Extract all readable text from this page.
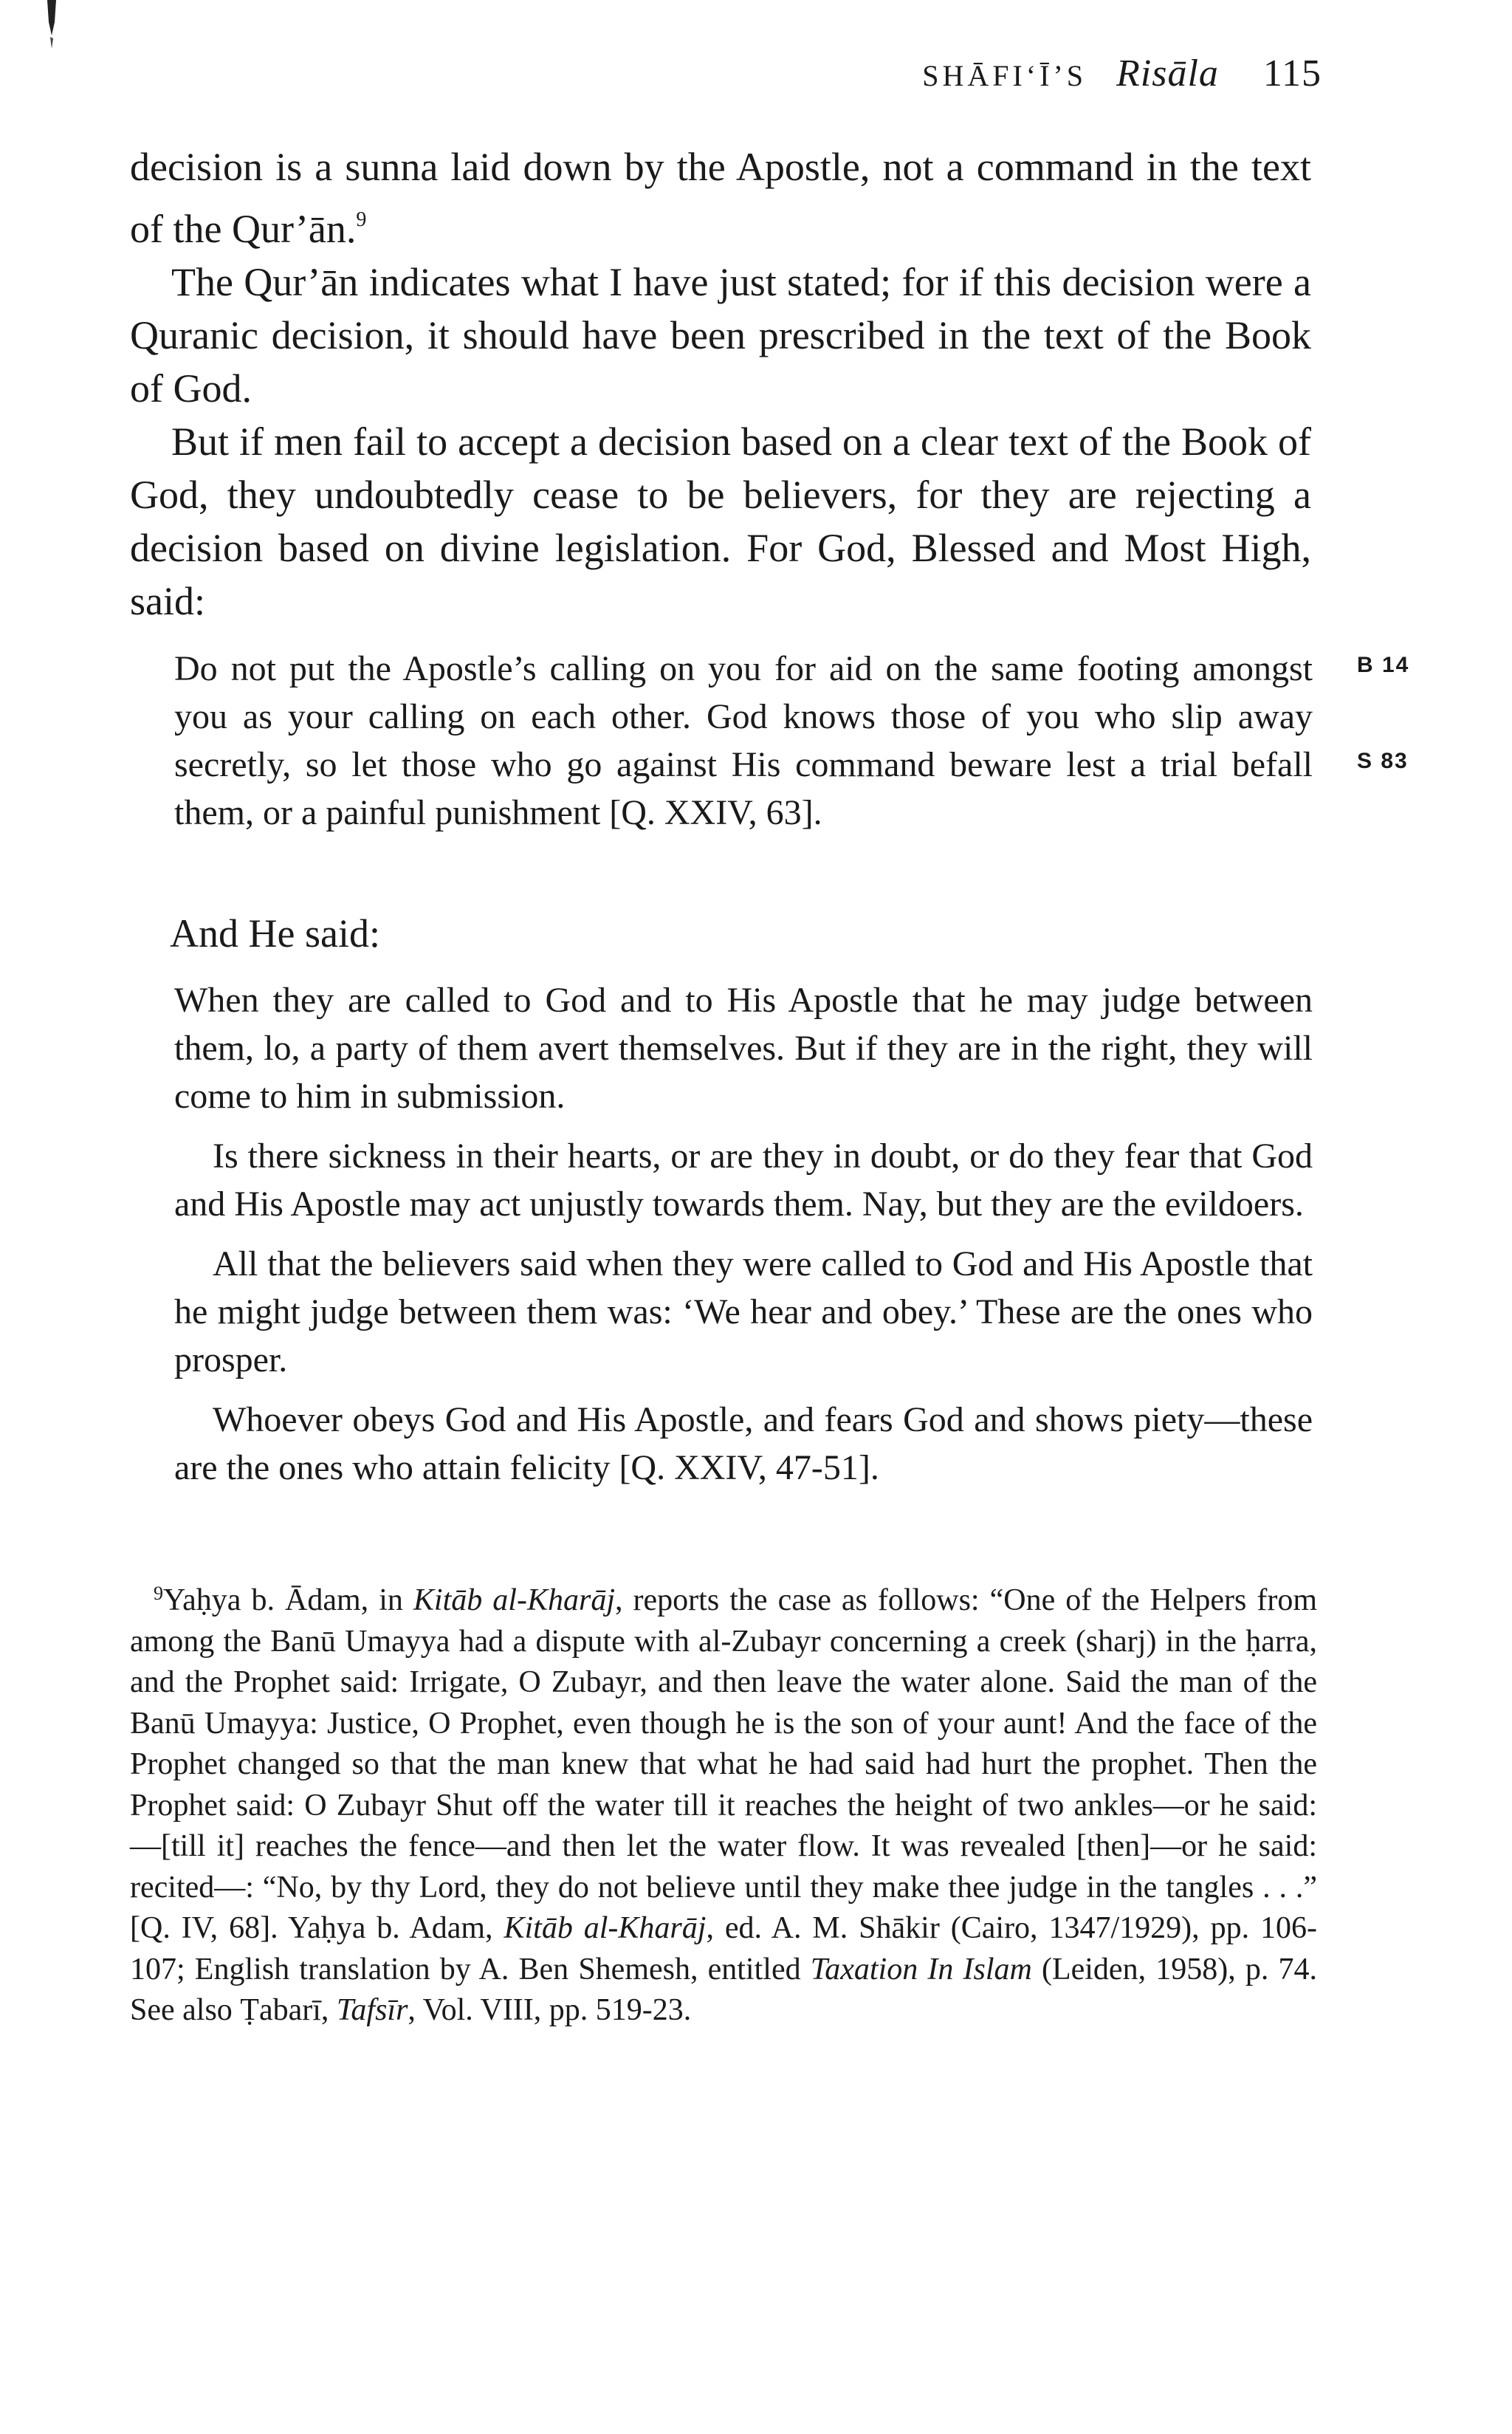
SHĀFI‘Ī’S Risāla 115

decision is a sunna laid down by the Apostle, not a command in the text of the Qur’ān.$^9$

The Qur’ān indicates what I have just stated; for if this decision were a Quranic decision, it should have been prescribed in the text of the Book of God.

But if men fail to accept a decision based on a clear text of the Book of God, they undoubtedly cease to be believers, for they are rejecting a decision based on divine legislation. For God, Blessed and Most High, said:

Do not put the Apostle’s calling on you for aid on the same footing amongst you as your calling on each other. God knows those of you who slip away secretly, so let those who go against His command beware lest a trial befall them, or a painful punishment [Q. XXIV, 63].

B 14
S 83
And He said:

When they are called to God and to His Apostle that he may judge between them, lo, a party of them avert themselves. But if they are in the right, they will come to him in submission.

Is there sickness in their hearts, or are they in doubt, or do they fear that God and His Apostle may act unjustly towards them. Nay, but they are the evildoers.

All that the believers said when they were called to God and His Apostle that he might judge between them was: ‘We hear and obey.’ These are the ones who prosper.

Whoever obeys God and His Apostle, and fears God and shows piety—these are the ones who attain felicity [Q. XXIV, 47-51].

$^9$Yaḥya b. Ādam, in Kitāb al-Kharāj, reports the case as follows: “One of the Helpers from among the Banū Umayya had a dispute with al-Zubayr concerning a creek (sharj) in the ḥarra, and the Prophet said: Irrigate, O Zubayr, and then leave the water alone. Said the man of the Banū Umayya: Justice, O Prophet, even though he is the son of your aunt! And the face of the Prophet changed so that the man knew that what he had said had hurt the prophet. Then the Prophet said: O Zubayr Shut off the water till it reaches the height of two ankles—or he said: —[till it] reaches the fence—and then let the water flow. It was revealed [then]—or he said: recited—: “No, by thy Lord, they do not believe until they make thee judge in the tangles . . .” [Q. IV, 68]. Yaḥya b. Adam, Kitāb al-Kharāj, ed. A. M. Shākir (Cairo, 1347/1929), pp. 106-107; English translation by A. Ben Shemesh, entitled Taxation In Islam (Leiden, 1958), p. 74. See also Ṭabarī, Tafsīr, Vol. VIII, pp. 519-23.
